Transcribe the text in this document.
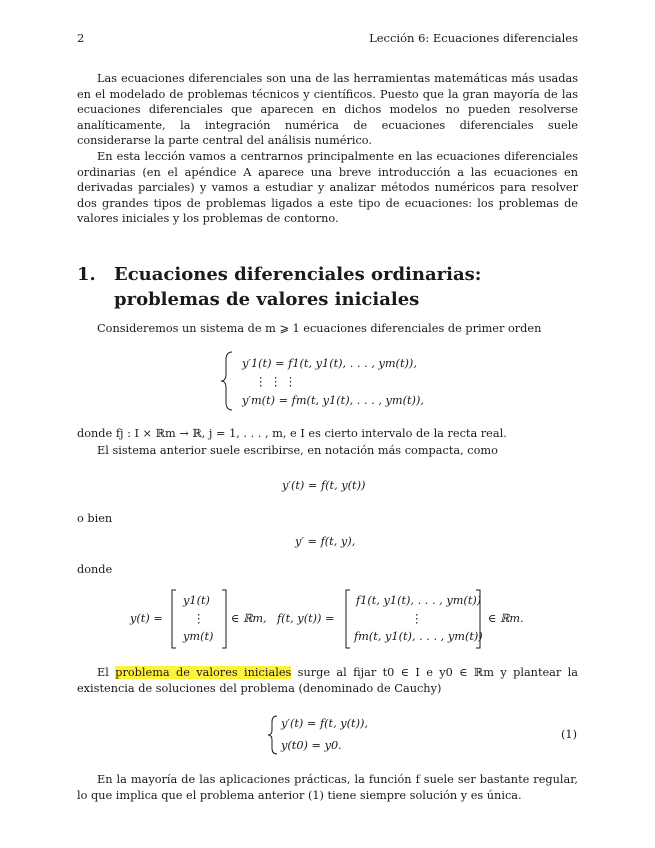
2	Lección 6: Ecuaciones diferenciales

Las ecuaciones diferenciales son una de las herramientas matemáticas más usadas en el modelado de problemas técnicos y científicos. Puesto que la gran mayoría de las ecuaciones diferenciales que aparecen en dichos modelos no pueden resolverse analíticamente, la integración numérica de ecuaciones diferenciales suele considerarse la parte central del análisis numérico.

En esta lección vamos a centrarnos principalmente en las ecuaciones diferenciales ordinarias (en el apéndice A aparece una breve introducción a las ecuaciones en derivadas parciales) y vamos a estudiar y analizar métodos numéricos para resolver dos grandes tipos de problemas ligados a este tipo de ecuaciones: los problemas de valores iniciales y los problemas de contorno.

1. Ecuaciones diferenciales ordinarias: problemas de valores iniciales
Consideremos un sistema de m ⩾ 1 ecuaciones diferenciales de primer orden
y′1(t) = f1(t, y1(t), . . . , ym(t)),
⋮ ⋮ ⋮
y′m(t) = fm(t, y1(t), . . . , ym(t)),
donde fj : I × ℝm → ℝ, j = 1, . . . , m, e I es cierto intervalo de la recta real.
El sistema anterior suele escribirse, en notación más compacta, como
y′(t) = f(t, y(t))
o bien
y′ = f(t, y),
donde
y(t) =
y1(t)
⋮
ym(t)
∈ ℝm, f(t, y(t)) =
f1(t, y1(t), . . . , ym(t))
⋮
fm(t, y1(t), . . . , ym(t))
∈ ℝm.

El problema de valores iniciales surge al fijar t0 ∈ I e y0 ∈ ℝm y plantear la existencia de soluciones del problema (denominado de Cauchy)

y′(t) = f(t, y(t)),
y(t0) = y0.
(1)

En la mayoría de las aplicaciones prácticas, la función f suele ser bastante regular, lo que implica que el problema anterior (1) tiene siempre solución y es única.
